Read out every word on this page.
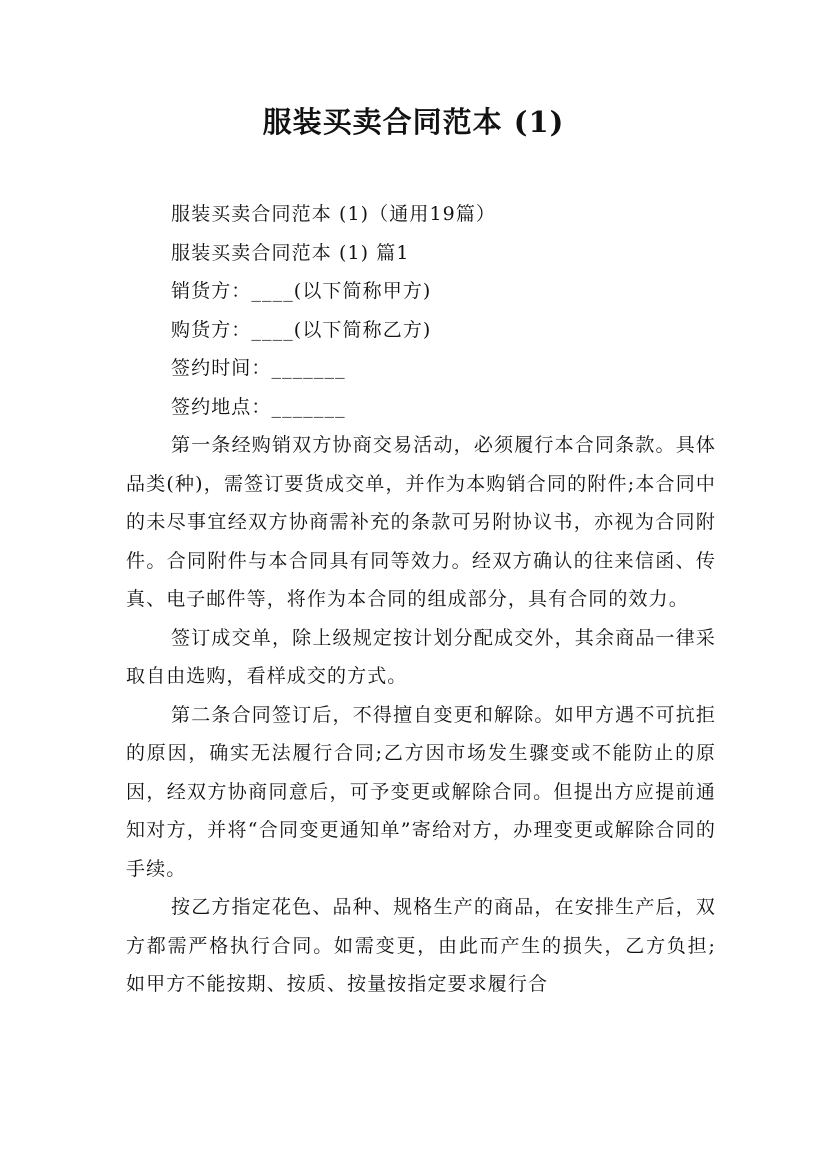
服装买卖合同范本 (1)

服装买卖合同范本 (1)（通用19篇）

服装买卖合同范本 (1) 篇1

销货方：____(以下简称甲方)

购货方：____(以下简称乙方)

签约时间：_______

签约地点：_______

第一条经购销双方协商交易活动，必须履行本合同条款。具体品类(种)，需签订要货成交单，并作为本购销合同的附件;本合同中的未尽事宜经双方协商需补充的条款可另附协议书，亦视为合同附件。合同附件与本合同具有同等效力。经双方确认的往来信函、传真、电子邮件等，将作为本合同的组成部分，具有合同的效力。

签订成交单，除上级规定按计划分配成交外，其余商品一律采取自由选购，看样成交的方式。

第二条合同签订后，不得擅自变更和解除。如甲方遇不可抗拒的原因，确实无法履行合同;乙方因市场发生骤变或不能防止的原因，经双方协商同意后，可予变更或解除合同。但提出方应提前通知对方，并将“合同变更通知单”寄给对方，办理变更或解除合同的手续。

按乙方指定花色、品种、规格生产的商品，在安排生产后，双方都需严格执行合同。如需变更，由此而产生的损失，乙方负担;如甲方不能按期、按质、按量按指定要求履行合
